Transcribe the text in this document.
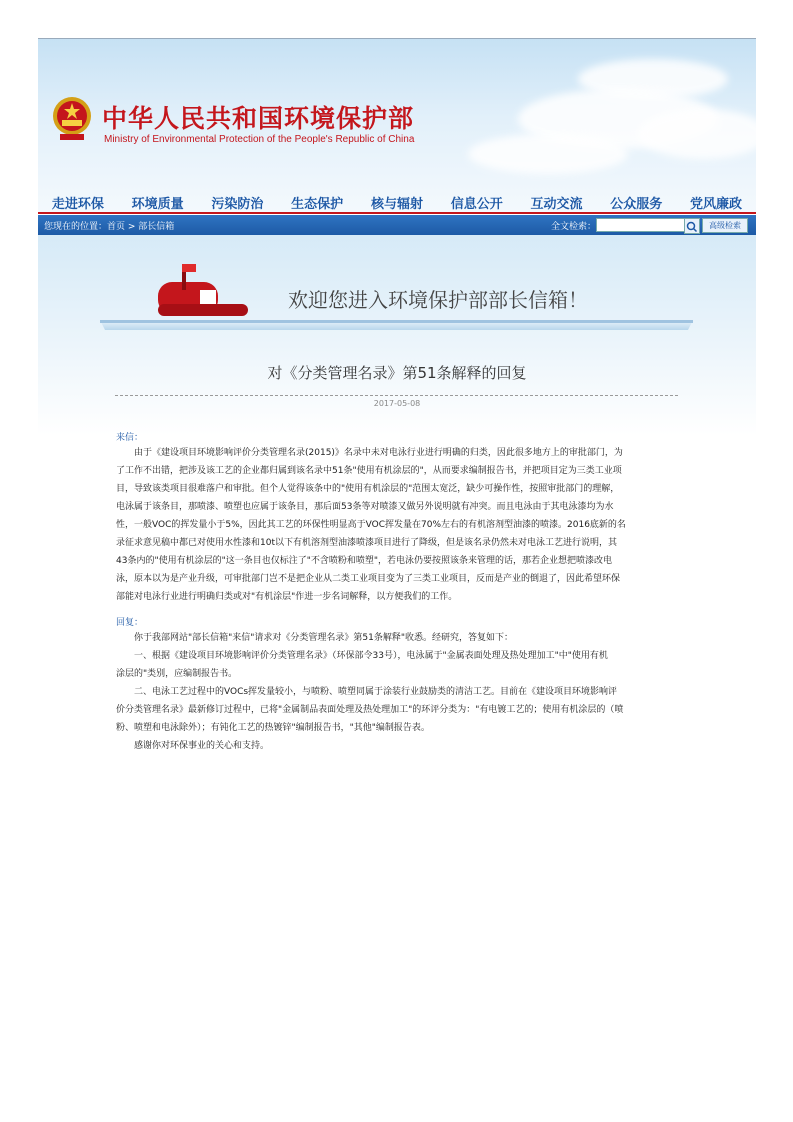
中华人民共和国环境保护部
Ministry of Environmental Protection of the People's Republic of China
走进环保 环境质量 污染防治 生态保护 核与辐射 信息公开 互动交流 公众服务 党风廉政
您现在的位置：首页 > 部长信箱	全文检索：	高级检索
欢迎您进入环境保护部部长信箱！
对《分类管理名录》第51条解释的回复
2017-05-08
来信：
　　由于《建设项目环境影响评价分类管理名录(2015)》名录中未对电泳行业进行明确的归类，因此很多地方上的审批部门，为
了工作不出错，把涉及该工艺的企业都归属到该名录中51条"使用有机涂层的"，从而要求编制报告书，并把项目定为三类工业项
目，导致该类项目很难落户和审批。但个人觉得该条中的"使用有机涂层的"范围太宽泛，缺少可操作性，按照审批部门的理解，
电泳属于该条目，那喷漆、喷塑也应属于该条目，那后面53条等对喷漆又做另外说明就有冲突。而且电泳由于其电泳漆均为水
性，一般VOC的挥发量小于5%，因此其工艺的环保性明显高于VOC挥发量在70%左右的有机溶剂型油漆的喷漆。2016底新的名
录征求意见稿中都已对使用水性漆和10t以下有机溶剂型油漆喷漆项目进行了降级，但是该名录仍然未对电泳工艺进行说明，其
43条内的"使用有机涂层的"这一条目也仅标注了"不含喷粉和喷塑"，若电泳仍要按照该条来管理的话，那若企业想把喷漆改电
泳，原本以为是产业升级，可审批部门岂不是把企业从二类工业项目变为了三类工业项目，反而是产业的倒退了，因此希望环保
部能对电泳行业进行明确归类或对"有机涂层"作进一步名词解释，以方便我们的工作。
回复：
　　你于我部网站"部长信箱"来信"请求对《分类管理名录》第51条解释"收悉。经研究，答复如下：
　　一、根据《建设项目环境影响评价分类管理名录》（环保部令33号），电泳属于"金属表面处理及热处理加工"中"使用有机
涂层的"类别，应编制报告书。
　　二、电泳工艺过程中的VOCs挥发量较小，与喷粉、喷塑同属于涂装行业鼓励类的清洁工艺。目前在《建设项目环境影响评
价分类管理名录》最新修订过程中，已将"金属制品表面处理及热处理加工"的环评分类为："有电镀工艺的；使用有机涂层的（喷
粉、喷塑和电泳除外）；有钝化工艺的热镀锌"编制报告书，"其他"编制报告表。
　　感谢你对环保事业的关心和支持。
